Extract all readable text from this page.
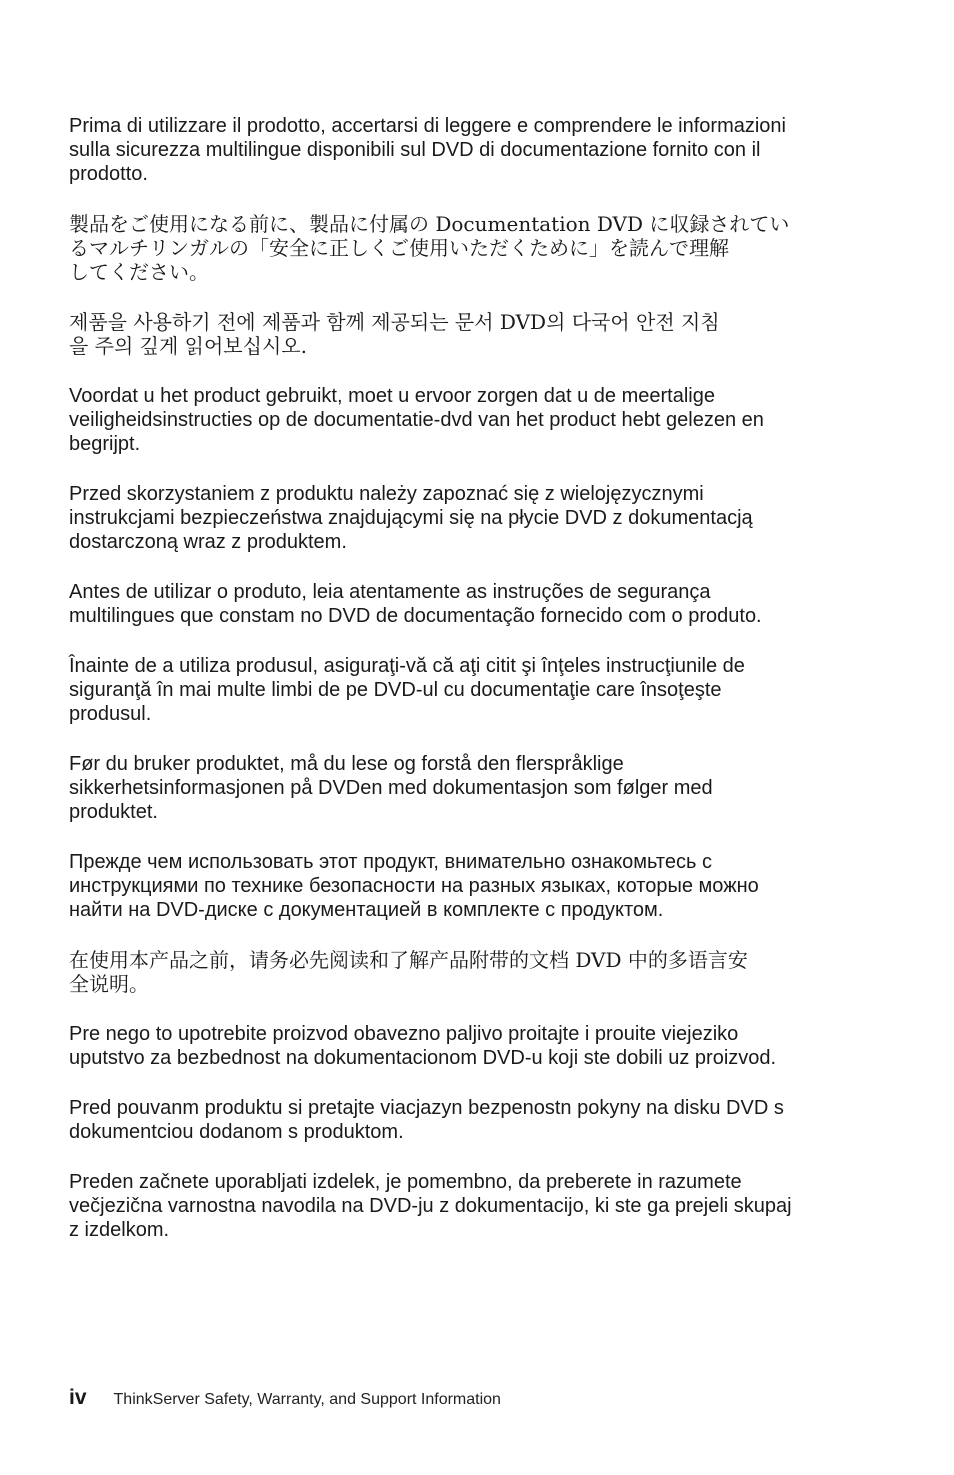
Prima di utilizzare il prodotto, accertarsi di leggere e comprendere le informazioni
sulla sicurezza multilingue disponibili sul DVD di documentazione fornito con il
prodotto.

製品をご使用になる前に、製品に付属の Documentation DVD に収録されてい
るマルチリンガルの「安全に正しくご使用いただくために」を読んで理解
してください。

제품을 사용하기 전에 제품과 함께 제공되는 문서 DVD의 다국어 안전 지침
을 주의 깊게 읽어보십시오.

Voordat u het product gebruikt, moet u ervoor zorgen dat u de meertalige
veiligheidsinstructies op de documentatie-dvd van het product hebt gelezen en
begrijpt.

Przed skorzystaniem z produktu należy zapoznać się z wielojęzycznymi
instrukcjami bezpieczeństwa znajdującymi się na płycie DVD z dokumentacją
dostarczoną wraz z produktem.

Antes de utilizar o produto, leia atentamente as instruções de segurança
multilingues que constam no DVD de documentação fornecido com o produto.

Înainte de a utiliza produsul, asiguraţi-vă că aţi citit şi înţeles instrucţiunile de
siguranţă în mai multe limbi de pe DVD-ul cu documentaţie care însoţeşte
produsul.

Før du bruker produktet, må du lese og forstå den flerspråklige
sikkerhetsinformasjonen på DVDen med dokumentasjon som følger med
produktet.

Прежде чем использовать этот продукт, внимательно ознакомьтесь с
инструкциями по технике безопасности на разных языках, которые можно
найти на DVD-диске с документацией в комплекте с продуктом.

在使用本产品之前，请务必先阅读和了解产品附带的文档 DVD 中的多语言安
全说明。

Pre nego to upotrebite proizvod obavezno paljivo proitajte i prouite viejeziko
uputstvo za bezbednost na dokumentacionom DVD-u koji ste dobili uz proizvod.

Pred pouvanm produktu si pretajte viacjazyn bezpenostn pokyny na disku DVD s
dokumentciou dodanom s produktom.

Preden začnete uporabljati izdelek, je pomembno, da preberete in razumete
večjezična varnostna navodila na DVD-ju z dokumentacijo, ki ste ga prejeli skupaj
z izdelkom.

iv ThinkServer Safety, Warranty, and Support Information
